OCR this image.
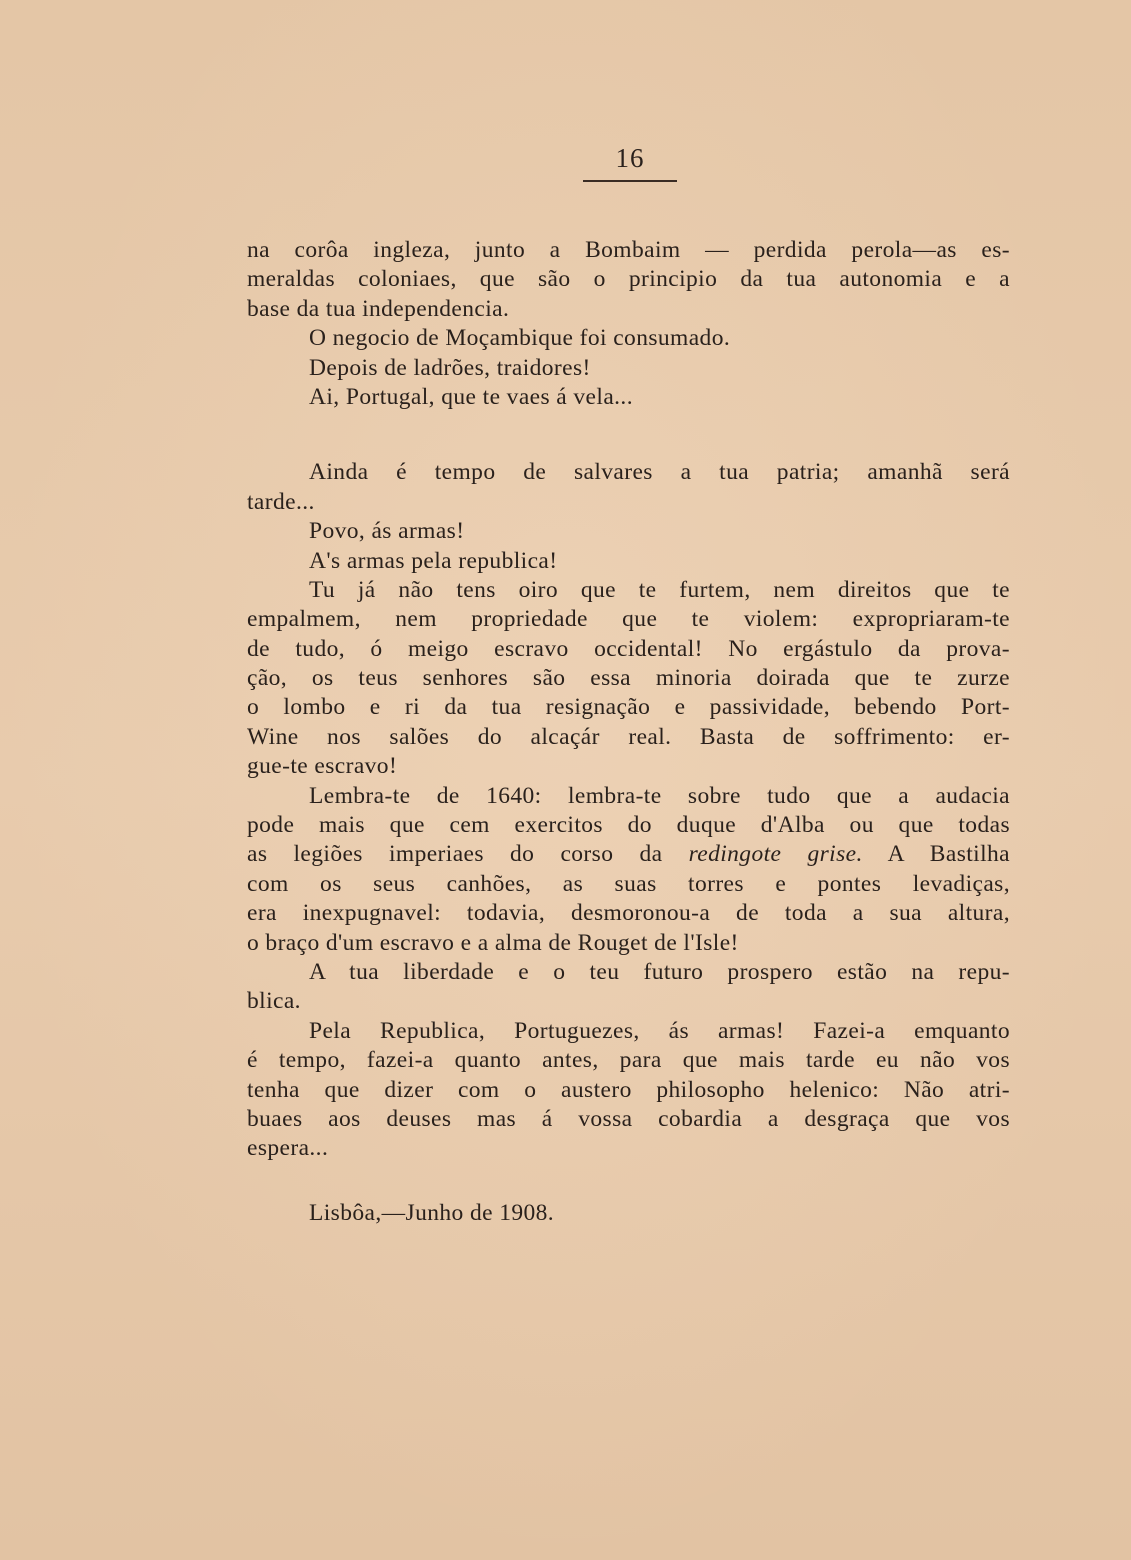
16
na corôa ingleza, junto a Bombaim — perdida perola—as es-
meraldas coloniaes, que são o principio da tua autonomia e a
base da tua independencia.
O negocio de Moçambique foi consumado.
Depois de ladrões, traidores!
Ai, Portugal, que te vaes á vela...
Ainda é tempo de salvares a tua patria; amanhã será
tarde...
Povo, ás armas!
A's armas pela republica!
Tu já não tens oiro que te furtem, nem direitos que te
empalmem, nem propriedade que te violem: expropriaram-te
de tudo, ó meigo escravo occidental! No ergástulo da prova-
ção, os teus senhores são essa minoria doirada que te zurze
o lombo e ri da tua resignação e passividade, bebendo Port-
Wine nos salões do alcaçár real. Basta de soffrimento: er-
gue-te escravo!
Lembra-te de 1640: lembra-te sobre tudo que a audacia
pode mais que cem exercitos do duque d'Alba ou que todas
as legiões imperiaes do corso da redingote grise. A Bastilha
com os seus canhões, as suas torres e pontes levadiças,
era inexpugnavel: todavia, desmoronou-a de toda a sua altura,
o braço d'um escravo e a alma de Rouget de l'Isle!
A tua liberdade e o teu futuro prospero estão na repu-
blica.
Pela Republica, Portuguezes, ás armas! Fazei-a emquanto
é tempo, fazei-a quanto antes, para que mais tarde eu não vos
tenha que dizer com o austero philosopho helenico: Não atri-
buaes aos deuses mas á vossa cobardia a desgraça que vos
espera...
Lisbôa,—Junho de 1908.
